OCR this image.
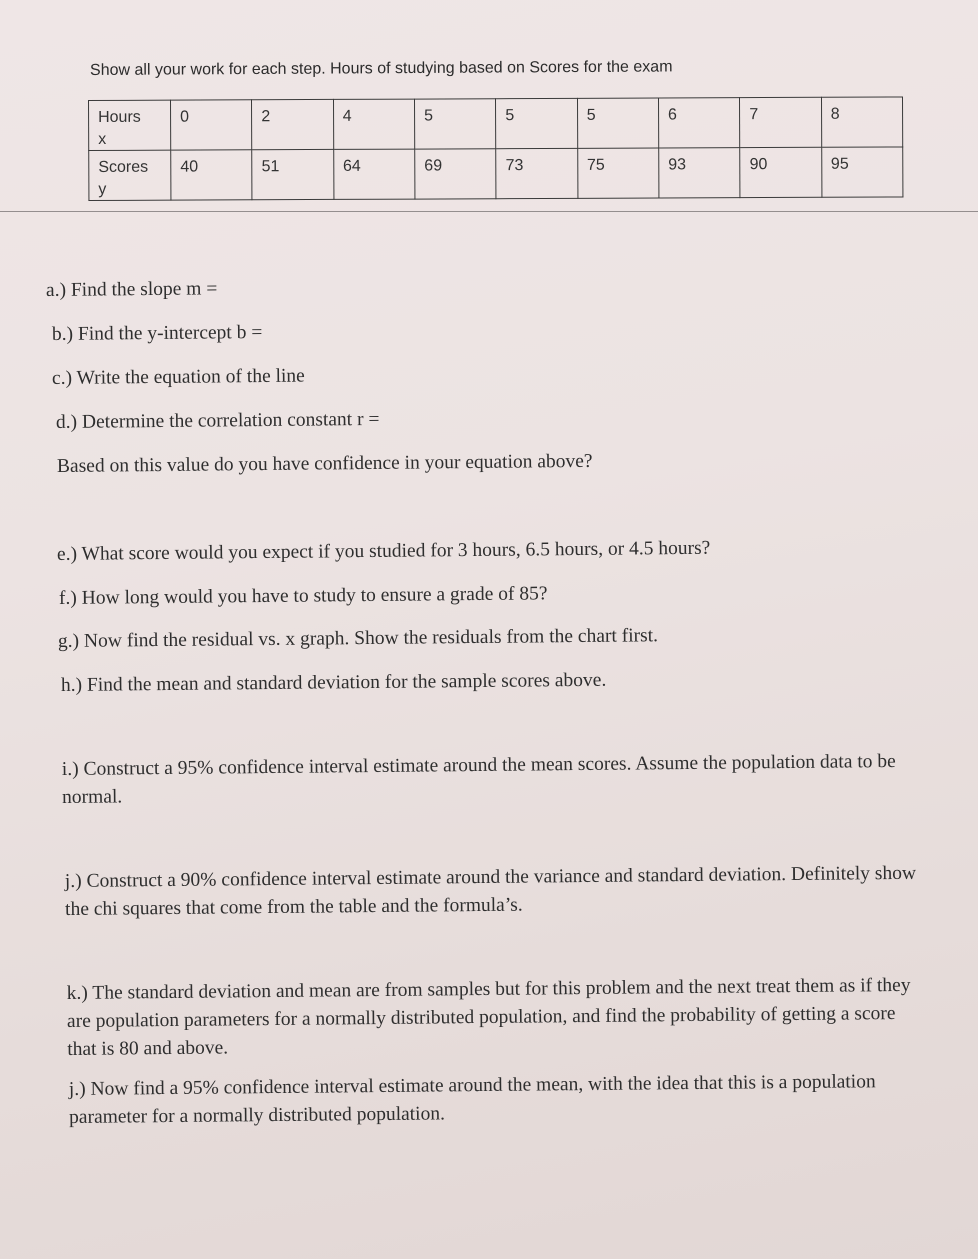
Show all your work for each step. Hours of studying based on Scores for the exam
Hours
x	0	2	4	5	5	5	6	7	8

Scores
y	40	51	64	69	73	75	93	90	95
a.) Find the slope m =
b.) Find the y-intercept b =
c.) Write the equation of the line
d.) Determine the correlation constant r =
Based on this value do you have confidence in your equation above?
e.) What score would you expect if you studied for 3 hours, 6.5 hours, or 4.5 hours?
f.) How long would you have to study to ensure a grade of 85?
g.) Now find the residual vs. x graph. Show the residuals from the chart first.
h.) Find the mean and standard deviation for the sample scores above.
i.) Construct a 95% confidence interval estimate around the mean scores. Assume the population data to be normal.
j.) Construct a 90% confidence interval estimate around the variance and standard deviation. Definitely show the chi squares that come from the table and the formula’s.
k.) The standard deviation and mean are from samples but for this problem and the next treat them as if they are population parameters for a normally distributed population, and find the probability of getting a score that is 80 and above.
j.) Now find a 95% confidence interval estimate around the mean, with the idea that this is a population parameter for a normally distributed population.
